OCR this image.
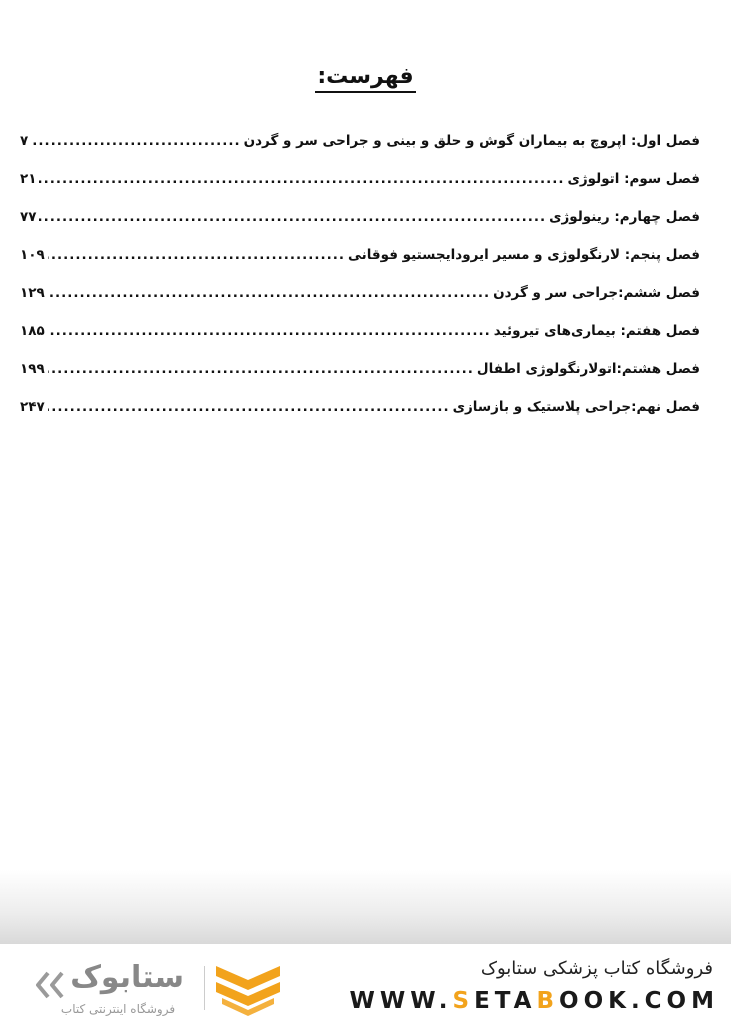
فهرست:
فصل اول: اپروچ به بیماران گوش و حلق و بینی و جراحی سر و گردن
.....
۷
فصل سوم: اتولوژی
.....
۲۱
فصل چهارم: رینولوژی
.....
۷۷
فصل پنجم: لارنگولوژی و مسیر ایرودایجستیو فوقانی
.....
۱۰۹
فصل ششم:جراحی سر و گردن
.....
۱۲۹
فصل هفتم: بیماری‌های تیروئید
.....
۱۸۵
فصل هشتم:اتولارنگولوژی اطفال
.....
۱۹۹
فصل نهم:جراحی پلاستیک و بازسازی
.....
۲۴۷
ستابوک
فروشگاه اینترنتی کتاب
فروشگاه کتاب پزشکی ستابوک
WWW.SETABOOK.COM
